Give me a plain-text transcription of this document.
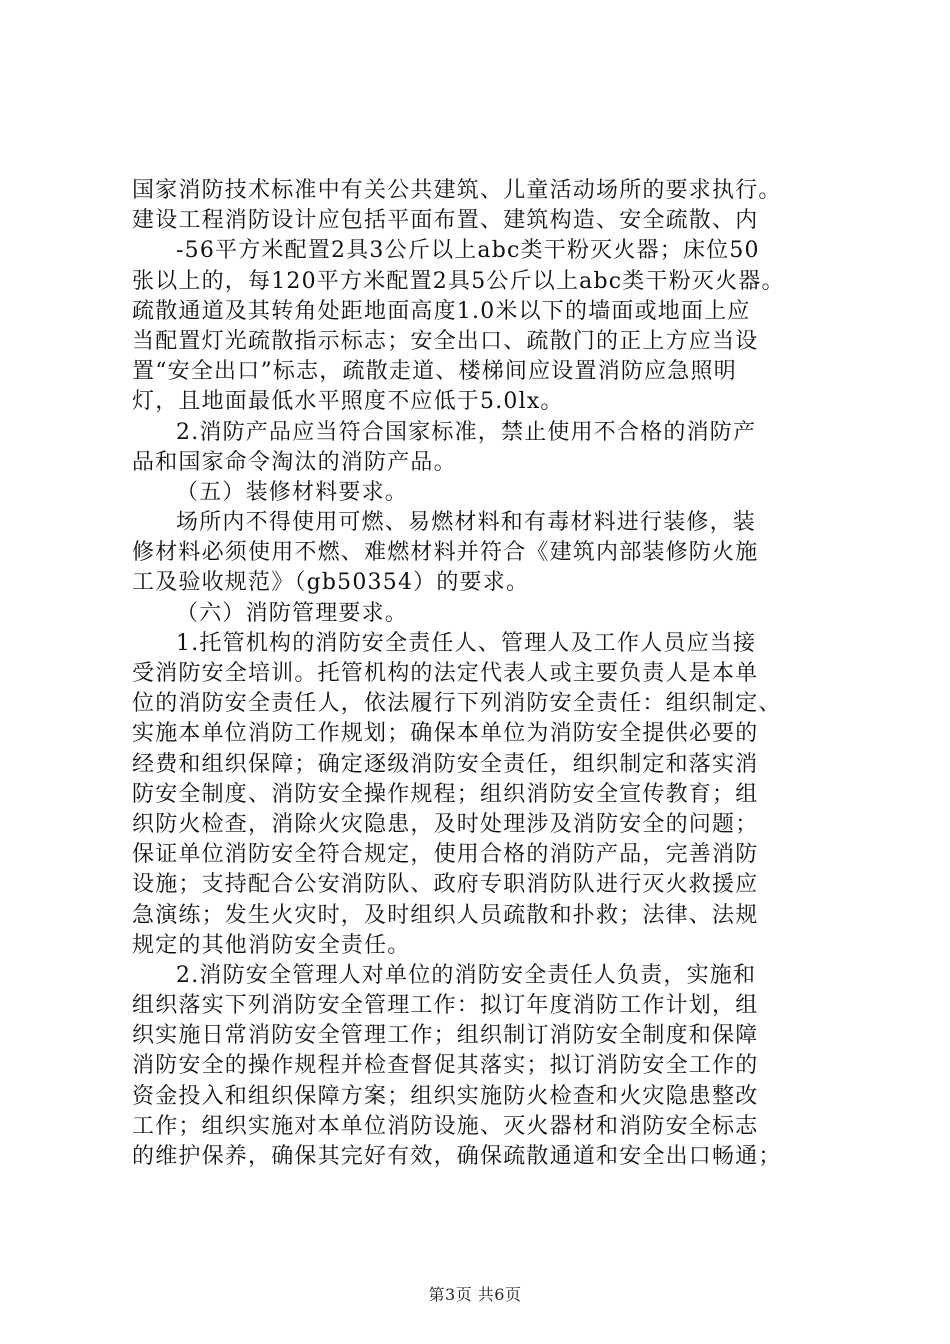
国家消防技术标准中有关公共建筑、儿童活动场所的要求执行。
建设工程消防设计应包括平面布置、建筑构造、安全疏散、内
-56平方米配置2具3公斤以上abc类干粉灭火器；床位50
张以上的，每120平方米配置2具5公斤以上abc类干粉灭火器。
疏散通道及其转角处距地面高度1.0米以下的墙面或地面上应
当配置灯光疏散指示标志；安全出口、疏散门的正上方应当设
置“安全出口”标志，疏散走道、楼梯间应设置消防应急照明
灯，且地面最低水平照度不应低于5.0lx。
2.消防产品应当符合国家标准，禁止使用不合格的消防产
品和国家命令淘汰的消防产品。
（五）装修材料要求。
场所内不得使用可燃、易燃材料和有毒材料进行装修，装
修材料必须使用不燃、难燃材料并符合《建筑内部装修防火施
工及验收规范》（gb50354）的要求。
（六）消防管理要求。
1.托管机构的消防安全责任人、管理人及工作人员应当接
受消防安全培训。托管机构的法定代表人或主要负责人是本单
位的消防安全责任人，依法履行下列消防安全责任：组织制定、
实施本单位消防工作规划；确保本单位为消防安全提供必要的
经费和组织保障；确定逐级消防安全责任，组织制定和落实消
防安全制度、消防安全操作规程；组织消防安全宣传教育；组
织防火检查，消除火灾隐患，及时处理涉及消防安全的问题；
保证单位消防安全符合规定，使用合格的消防产品，完善消防
设施；支持配合公安消防队、政府专职消防队进行灭火救援应
急演练；发生火灾时，及时组织人员疏散和扑救；法律、法规
规定的其他消防安全责任。
2.消防安全管理人对单位的消防安全责任人负责，实施和
组织落实下列消防安全管理工作：拟订年度消防工作计划，组
织实施日常消防安全管理工作；组织制订消防安全制度和保障
消防安全的操作规程并检查督促其落实；拟订消防安全工作的
资金投入和组织保障方案；组织实施防火检查和火灾隐患整改
工作；组织实施对本单位消防设施、灭火器材和消防安全标志
的维护保养，确保其完好有效，确保疏散通道和安全出口畅通；
第3页 共6页
